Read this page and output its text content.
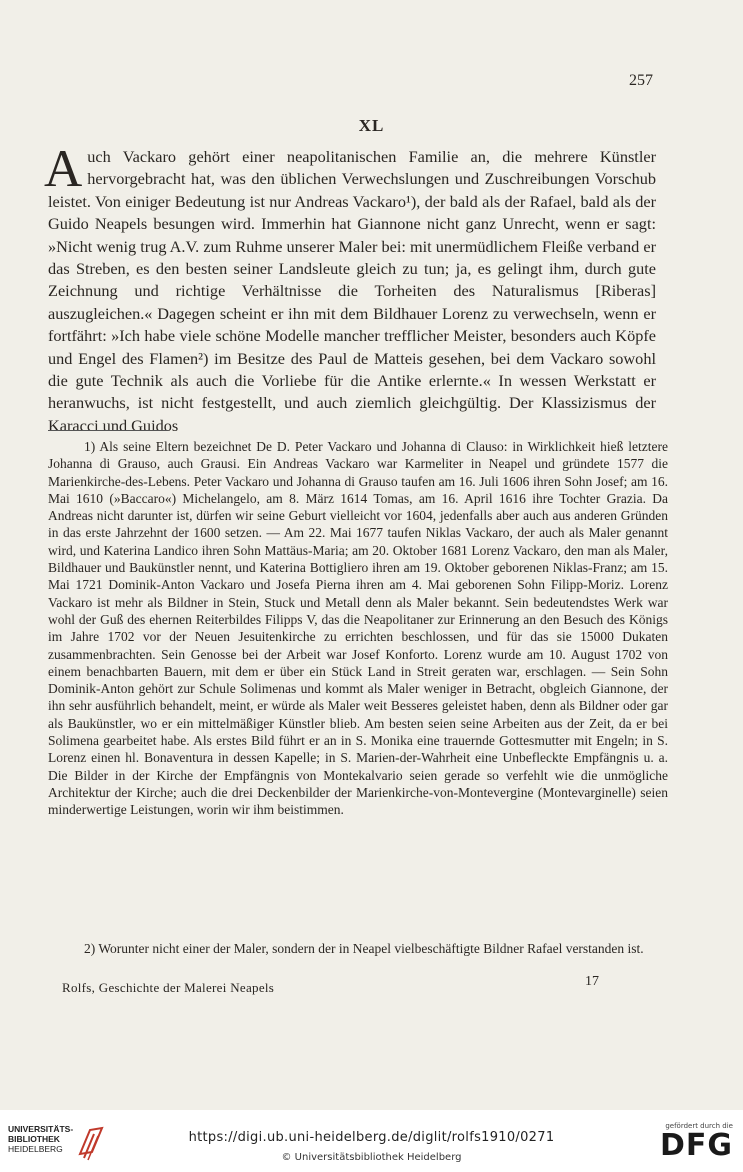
257
XL

Auch Vackaro gehört einer neapolitanischen Familie an, die mehrere Künstler hervorgebracht hat, was den üblichen Verwechslungen und Zuschreibungen Vorschub leistet. Von einiger Bedeutung ist nur Andreas Vackaro¹), der bald als der Rafael, bald als der Guido Neapels besungen wird. Immerhin hat Giannone nicht ganz Unrecht, wenn er sagt: »Nicht wenig trug A.V. zum Ruhme unserer Maler bei: mit unermüdlichem Fleiße verband er das Streben, es den besten seiner Landsleute gleich zu tun; ja, es gelingt ihm, durch gute Zeichnung und richtige Verhältnisse die Torheiten des Naturalismus [Riberas] auszugleichen.« Dagegen scheint er ihn mit dem Bildhauer Lorenz zu verwechseln, wenn er fortfährt: »Ich habe viele schöne Modelle mancher trefflicher Meister, besonders auch Köpfe und Engel des Flamen²) im Besitze des Paul de Matteis gesehen, bei dem Vackaro sowohl die gute Technik als auch die Vorliebe für die Antike erlernte.« In wessen Werkstatt er heranwuchs, ist nicht festgestellt, und auch ziemlich gleichgültig. Der Klassizismus der Karacci und Guidos

1) Als seine Eltern bezeichnet De D. Peter Vackaro und Johanna di Clauso: in Wirklichkeit hieß letztere Johanna di Grauso, auch Grausi. Ein Andreas Vackaro war Karmeliter in Neapel und gründete 1577 die Marienkirche-des-Lebens. Peter Vackaro und Johanna di Grauso taufen am 16. Juli 1606 ihren Sohn Josef; am 16. Mai 1610 (»Baccaro«) Michelangelo, am 8. März 1614 Tomas, am 16. April 1616 ihre Tochter Grazia. Da Andreas nicht darunter ist, dürfen wir seine Geburt vielleicht vor 1604, jedenfalls aber auch aus anderen Gründen in das erste Jahrzehnt der 1600 setzen. — Am 22. Mai 1677 taufen Niklas Vackaro, der auch als Maler genannt wird, und Katerina Landico ihren Sohn Mattäus-Maria; am 20. Oktober 1681 Lorenz Vackaro, den man als Maler, Bildhauer und Baukünstler nennt, und Katerina Bottigliero ihren am 19. Oktober geborenen Niklas-Franz; am 15. Mai 1721 Dominik-Anton Vackaro und Josefa Pierna ihren am 4. Mai geborenen Sohn Filipp-Moriz. Lorenz Vackaro ist mehr als Bildner in Stein, Stuck und Metall denn als Maler bekannt. Sein bedeutendstes Werk war wohl der Guß des ehernen Reiterbildes Filipps V, das die Neapolitaner zur Erinnerung an den Besuch des Königs im Jahre 1702 vor der Neuen Jesuitenkirche zu errichten beschlossen, und für das sie 15000 Dukaten zusammenbrachten. Sein Genosse bei der Arbeit war Josef Konforto. Lorenz wurde am 10. August 1702 von einem benachbarten Bauern, mit dem er über ein Stück Land in Streit geraten war, erschlagen. — Sein Sohn Dominik-Anton gehört zur Schule Solimenas und kommt als Maler weniger in Betracht, obgleich Giannone, der ihn sehr ausführlich behandelt, meint, er würde als Maler weit Besseres geleistet haben, denn als Bildner oder gar als Baukünstler, wo er ein mittelmäßiger Künstler blieb. Am besten seien seine Arbeiten aus der Zeit, da er bei Solimena gearbeitet habe. Als erstes Bild führt er an in S. Monika eine trauernde Gottesmutter mit Engeln; in S. Lorenz einen hl. Bonaventura in dessen Kapelle; in S. Marien-der-Wahrheit eine Unbefleckte Empfängnis u. a. Die Bilder in der Kirche der Empfängnis von Montekalvario seien gerade so verfehlt wie die unmögliche Architektur der Kirche; auch die drei Deckenbilder der Marienkirche-von-Montevergine (Montevarginelle) seien minderwertige Leistungen, worin wir ihm beistimmen.

2) Worunter nicht einer der Maler, sondern der in Neapel vielbeschäftigte Bildner Rafael verstanden ist.

Rolfs, Geschichte der Malerei Neapels	17
UNIVERSITÄTS-
BIBLIOTHEK
HEIDELBERG
https://digi.ub.uni-heidelberg.de/diglit/rolfs1910/0271
© Universitätsbibliothek Heidelberg
gefördert durch die
DFG
